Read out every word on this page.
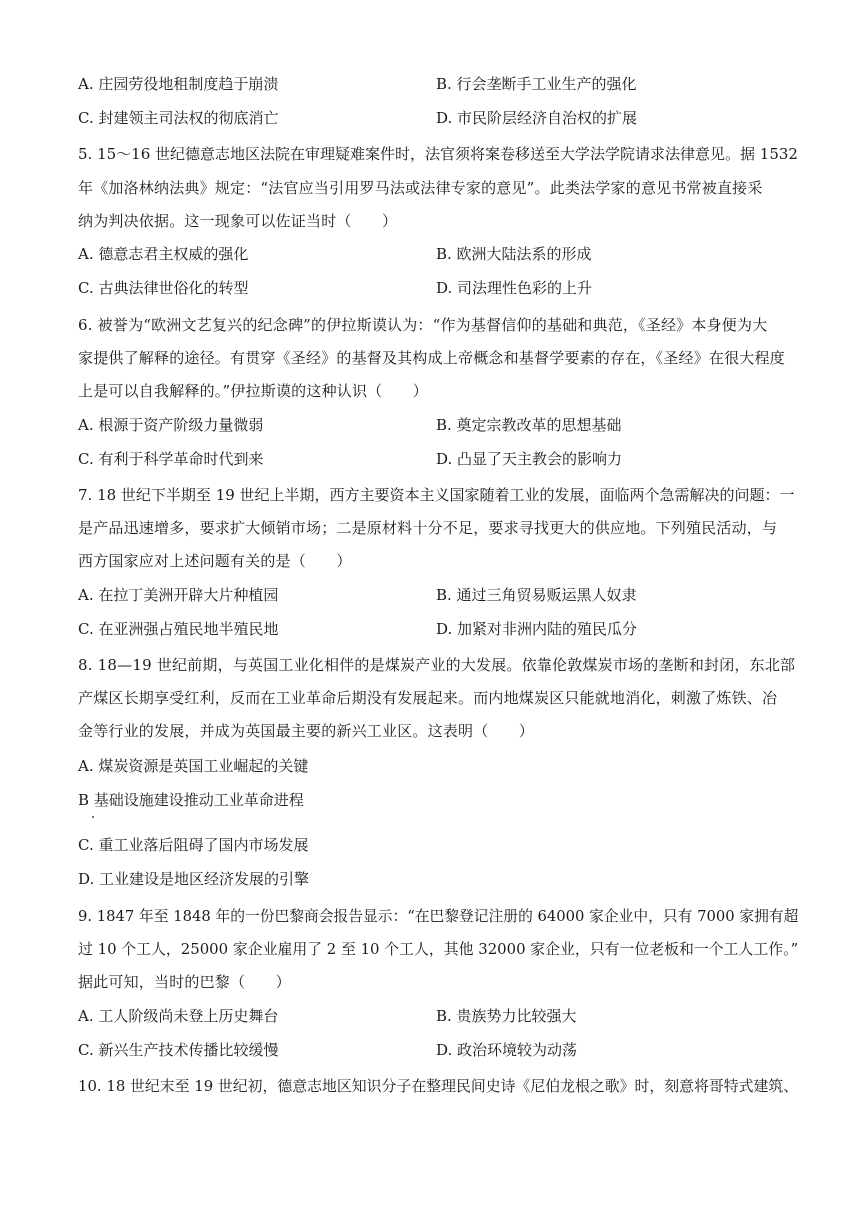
A. 庄园劳役地租制度趋于崩溃	B. 行会垄断手工业生产的强化
C. 封建领主司法权的彻底消亡	D. 市民阶层经济自治权的扩展
5. 15～16 世纪德意志地区法院在审理疑难案件时，法官须将案卷移送至大学法学院请求法律意见。据 1532
年《加洛林纳法典》规定：“法官应当引用罗马法或法律专家的意见”。此类法学家的意见书常被直接采
纳为判决依据。这一现象可以佐证当时（　　）
A. 德意志君主权威的强化	B. 欧洲大陆法系的形成
C. 古典法律世俗化的转型	D. 司法理性色彩的上升
6. 被誉为“欧洲文艺复兴的纪念碑”的伊拉斯谟认为：“作为基督信仰的基础和典范，《圣经》本身便为大
家提供了解释的途径。有贯穿《圣经》的基督及其构成上帝概念和基督学要素的存在，《圣经》在很大程度
上是可以自我解释的。”伊拉斯谟的这种认识（　　）
A. 根源于资产阶级力量微弱	B. 奠定宗教改革的思想基础
C. 有利于科学革命时代到来	D. 凸显了天主教会的影响力
7. 18 世纪下半期至 19 世纪上半期，西方主要资本主义国家随着工业的发展，面临两个急需解决的问题：一
是产品迅速增多，要求扩大倾销市场；二是原材料十分不足，要求寻找更大的供应地。下列殖民活动，与
西方国家应对上述问题有关的是（　　）
A. 在拉丁美洲开辟大片种植园	B. 通过三角贸易贩运黑人奴隶
C. 在亚洲强占殖民地半殖民地	D. 加紧对非洲内陆的殖民瓜分
8. 18—19 世纪前期，与英国工业化相伴的是煤炭产业的大发展。依靠伦敦煤炭市场的垄断和封闭，东北部
产煤区长期享受红利，反而在工业革命后期没有发展起来。而内地煤炭区只能就地消化，刺激了炼铁、冶
金等行业的发展，并成为英国最主要的新兴工业区。这表明（　　）
A. 煤炭资源是英国工业崛起的关键
B 基础设施建设推动工业革命进程
C. 重工业落后阻碍了国内市场发展
D. 工业建设是地区经济发展的引擎
9. 1847 年至 1848 年的一份巴黎商会报告显示：“在巴黎登记注册的 64000 家企业中，只有 7000 家拥有超
过 10 个工人，25000 家企业雇用了 2 至 10 个工人，其他 32000 家企业，只有一位老板和一个工人工作。”
据此可知，当时的巴黎（　　）
A. 工人阶级尚未登上历史舞台	B. 贵族势力比较强大
C. 新兴生产技术传播比较缓慢	D. 政治环境较为动荡
10. 18 世纪末至 19 世纪初，德意志地区知识分子在整理民间史诗《尼伯龙根之歌》时，刻意将哥特式建筑、
